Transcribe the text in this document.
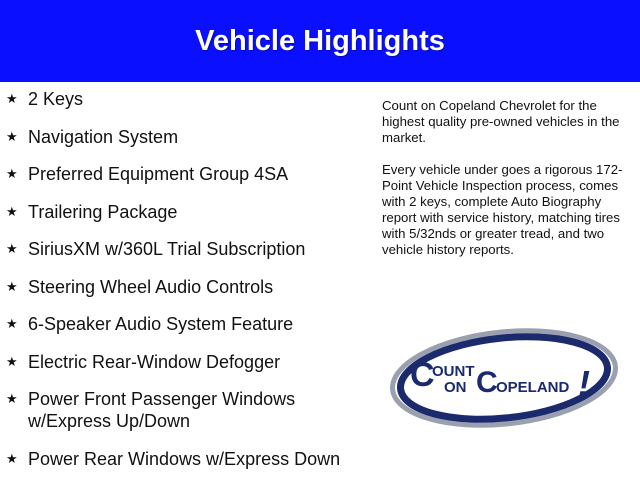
Vehicle Highlights
★ 2 Keys
★ Navigation System
★ Preferred Equipment Group 4SA
★ Trailering Package
★ SiriusXM w/360L Trial Subscription
★ Steering Wheel Audio Controls
★ 6-Speaker Audio System Feature
★ Electric Rear-Window Defogger
★ Power Front Passenger Windows w/Express Up/Down
★ Power Rear Windows w/Express Down

Count on Copeland Chevrolet for the highest quality pre-owned vehicles in the market.

Every vehicle under goes a rigorous 172-Point Vehicle Inspection process, comes with 2 keys, complete Auto Biography report with service history, matching tires with 5/32nds or greater tread, and two vehicle history reports.

C
OUNT
ON C
OPELAND !
